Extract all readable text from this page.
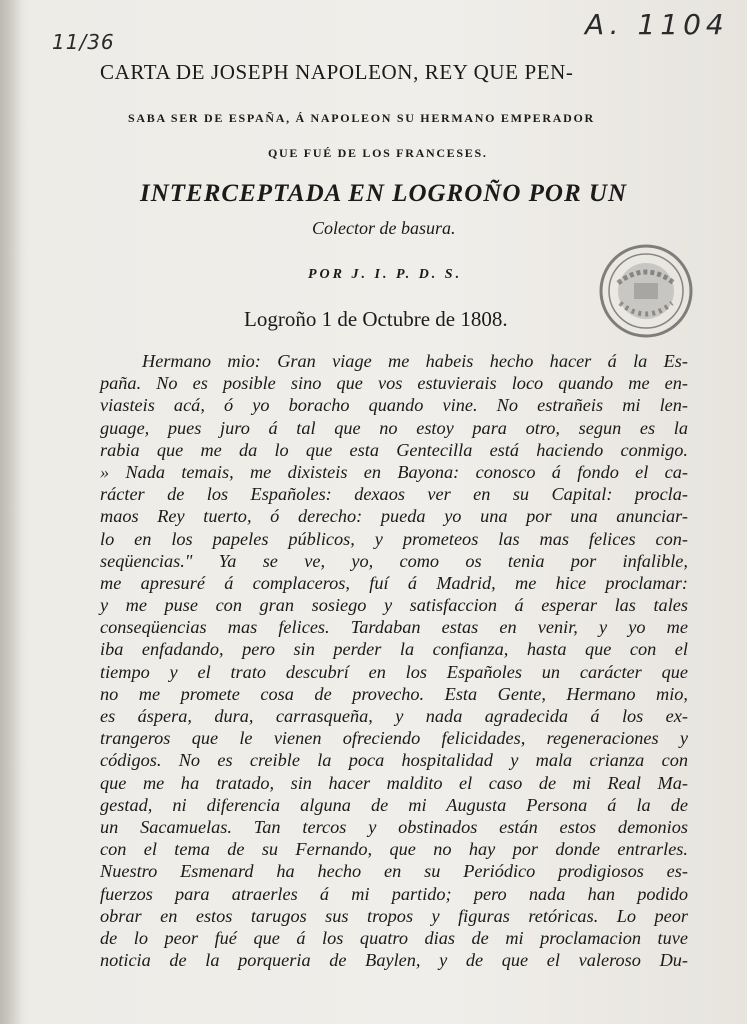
11/36
A. 1104
CARTA DE JOSEPH NAPOLEON, REY QUE PEN-
SABA SER DE ESPAÑA, Á NAPOLEON SU HERMANO EMPERADOR
QUE FUÉ DE LOS FRANCESES.
INTERCEPTADA EN LOGROÑO POR UN
Colector de basura.
POR J. I. P. D. S.
Logroño 1 de Octubre de 1808.
Hermano mio: Gran viage me habeis hecho hacer á la Es-
paña. No es posible sino que vos estuvierais loco quando me en-
viasteis acá, ó yo boracho quando vine. No estrañeis mi len-
guage, pues juro á tal que no estoy para otro, segun es la
rabia que me da lo que esta Gentecilla está haciendo conmigo.
» Nada temais, me dixisteis en Bayona: conosco á fondo el ca-
rácter de los Españoles: dexaos ver en su Capital: procla-
maos Rey tuerto, ó derecho: pueda yo una por una anunciar-
lo en los papeles públicos, y prometeos las mas felices con-
seqüencias." Ya se ve, yo, como os tenia por infalible,
me apresuré á complaceros, fuí á Madrid, me hice proclamar:
y me puse con gran sosiego y satisfaccion á esperar las tales
conseqüencias mas felices. Tardaban estas en venir, y yo me
iba enfadando, pero sin perder la confianza, hasta que con el
tiempo y el trato descubrí en los Españoles un carácter que
no me promete cosa de provecho. Esta Gente, Hermano mio,
es áspera, dura, carrasqueña, y nada agradecida á los ex-
trangeros que le vienen ofreciendo felicidades, regeneraciones y
códigos. No es creible la poca hospitalidad y mala crianza con
que me ha tratado, sin hacer maldito el caso de mi Real Ma-
gestad, ni diferencia alguna de mi Augusta Persona á la de
un Sacamuelas. Tan tercos y obstinados están estos demonios
con el tema de su Fernando, que no hay por donde entrarles.
Nuestro Esmenard ha hecho en su Periódico prodigiosos es-
fuerzos para atraerles á mi partido; pero nada han podido
obrar en estos tarugos sus tropos y figuras retóricas. Lo peor
de lo peor fué que á los quatro dias de mi proclamacion tuve
noticia de la porqueria de Baylen, y de que el valeroso Du-
